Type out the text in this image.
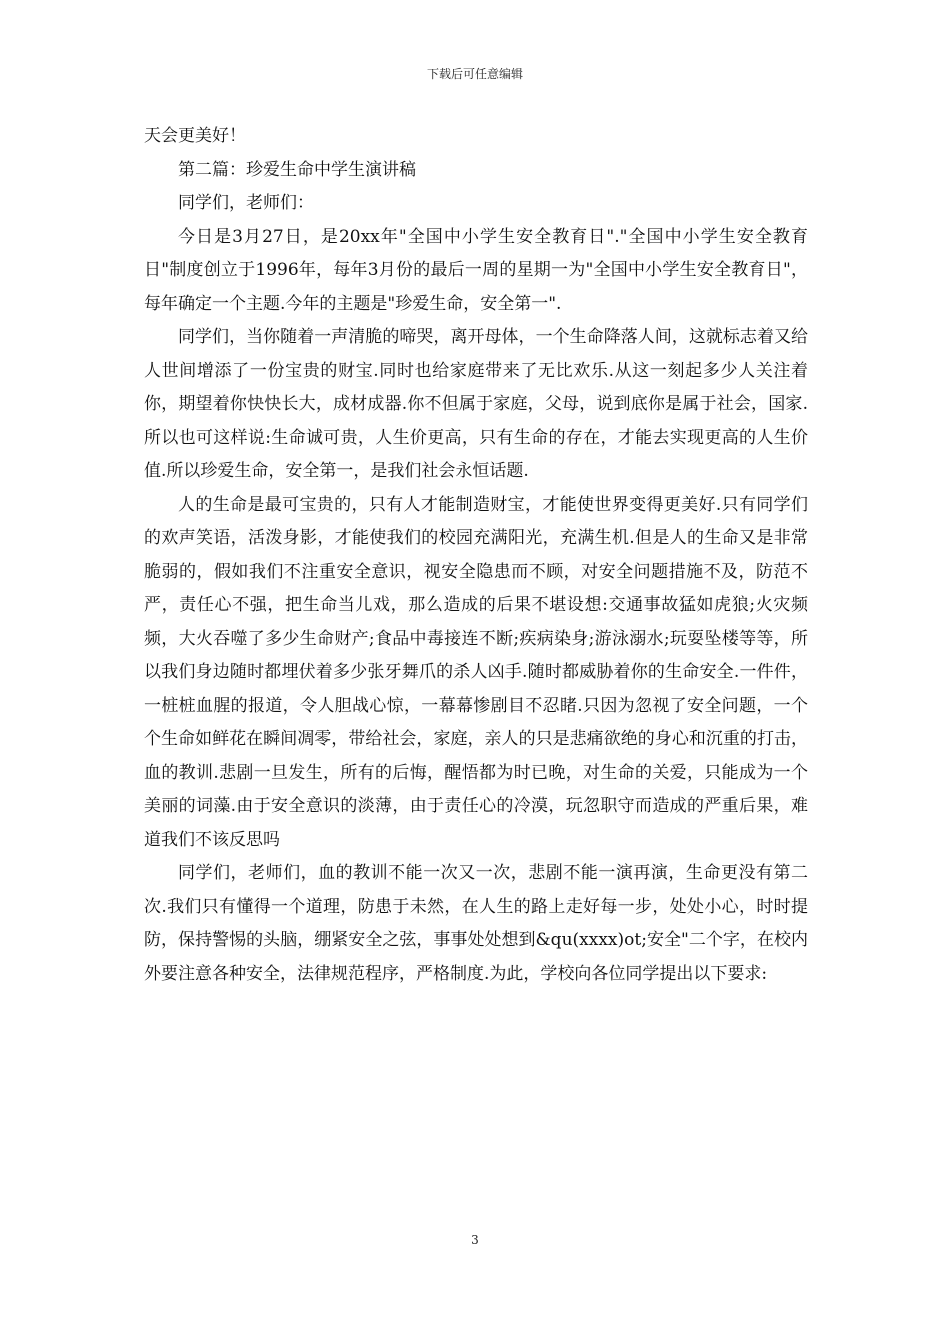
下载后可任意编辑

天会更美好！

第二篇：珍爱生命中学生演讲稿

同学们，老师们：

今日是3月27日，是20xx年"全国中小学生安全教育日"."全国中小学生安全教育日"制度创立于1996年，每年3月份的最后一周的星期一为"全国中小学生安全教育日"，每年确定一个主题.今年的主题是"珍爱生命，安全第一".

同学们，当你随着一声清脆的啼哭，离开母体，一个生命降落人间，这就标志着又给人世间增添了一份宝贵的财宝.同时也给家庭带来了无比欢乐.从这一刻起多少人关注着你，期望着你快快长大，成材成器.你不但属于家庭，父母，说到底你是属于社会，国家.所以也可这样说:生命诚可贵，人生价更高，只有生命的存在，才能去实现更高的人生价值.所以珍爱生命，安全第一，是我们社会永恒话题.

人的生命是最可宝贵的，只有人才能制造财宝，才能使世界变得更美好.只有同学们的欢声笑语，活泼身影，才能使我们的校园充满阳光，充满生机.但是人的生命又是非常脆弱的，假如我们不注重安全意识，视安全隐患而不顾，对安全问题措施不及，防范不严，责任心不强，把生命当儿戏，那么造成的后果不堪设想:交通事故猛如虎狼;火灾频频，大火吞噬了多少生命财产;食品中毒接连不断;疾病染身;游泳溺水;玩耍坠楼等等，所以我们身边随时都埋伏着多少张牙舞爪的杀人凶手.随时都威胁着你的生命安全.一件件，一桩桩血腥的报道，令人胆战心惊，一幕幕惨剧目不忍睹.只因为忽视了安全问题，一个个生命如鲜花在瞬间凋零，带给社会，家庭，亲人的只是悲痛欲绝的身心和沉重的打击，血的教训.悲剧一旦发生，所有的后悔，醒悟都为时已晚，对生命的关爱，只能成为一个美丽的词藻.由于安全意识的淡薄，由于责任心的冷漠，玩忽职守而造成的严重后果，难道我们不该反思吗

同学们，老师们，血的教训不能一次又一次，悲剧不能一演再演，生命更没有第二次.我们只有懂得一个道理，防患于未然，在人生的路上走好每一步，处处小心，时时提防，保持警惕的头脑，绷紧安全之弦，事事处处想到&qu(xxxx)ot;安全"二个字，在校内外要注意各种安全，法律规范程序，严格制度.为此，学校向各位同学提出以下要求:

3
